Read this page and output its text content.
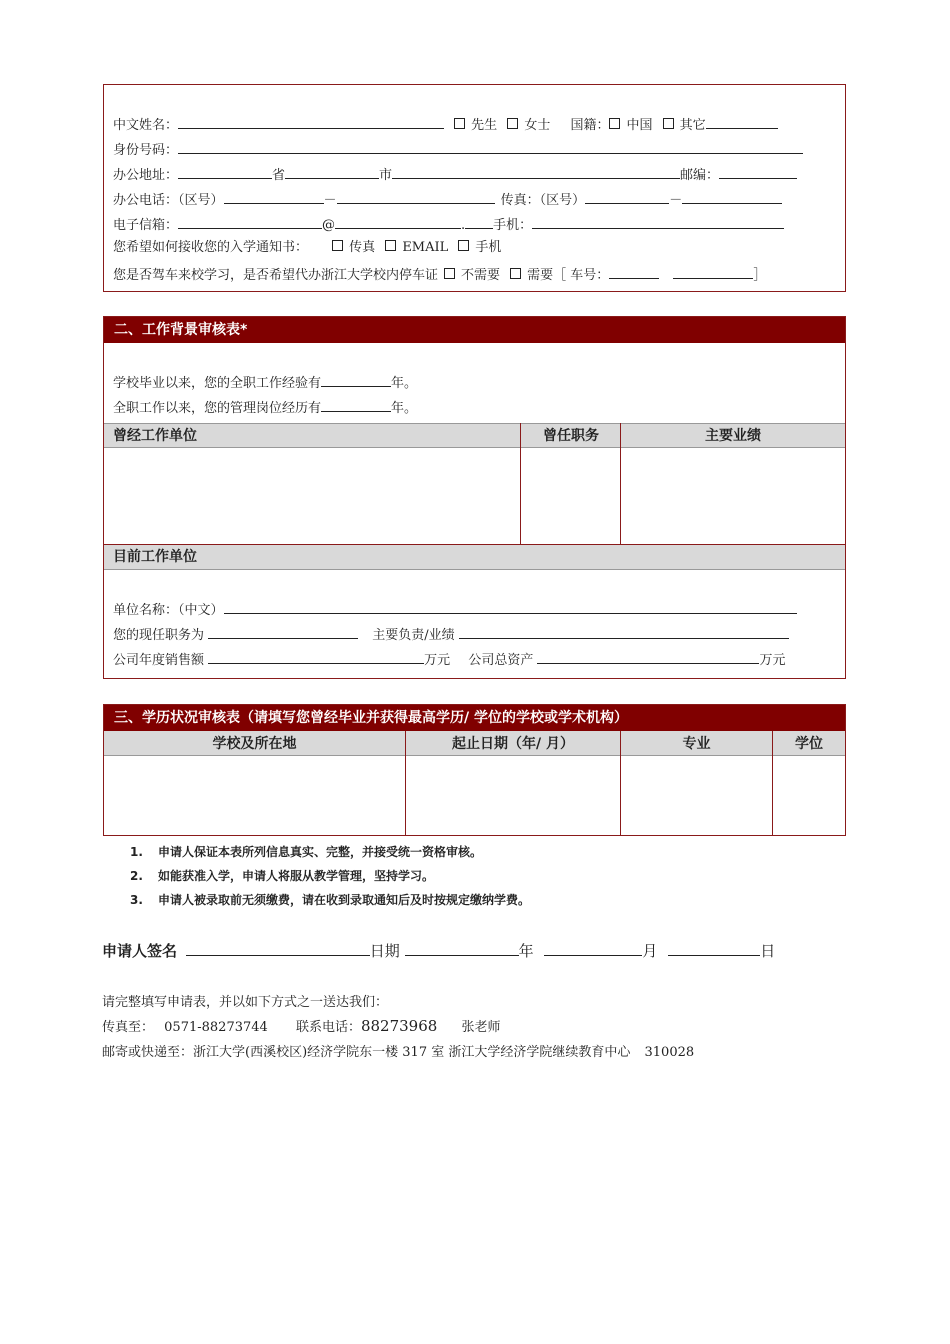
中文姓名：	先生 女士 国籍： 中国 其它
身份号码：
办公地址：	省	市	邮编：
办公电话：（区号）	－	传真：（区号）	－
电子信箱：	@	. 手机：
您希望如何接收您的入学通知书：	传真 EMAIL 手机
您是否驾车来校学习，是否希望代办浙江大学校内停车证 不需要 需要［ 车号：	］
二、工作背景审核表*
学校毕业以来，您的全职工作经验有	年。
全职工作以来，您的管理岗位经历有	年。
曾经工作单位	曾任职务	主要业绩
目前工作单位
单位名称：（中文）
您的现任职务为	主要负责/业绩
公司年度销售额	万元 公司总资产	万元
三、学历状况审核表（请填写您曾经毕业并获得最高学历/ 学位的学校或学术机构）
学校及所在地	起止日期（年/ 月）	专业	学位
1. 申请人保证本表所列信息真实、完整，并接受统一资格审核。
2. 如能获准入学，申请人将服从教学管理，坚持学习。
3. 申请人被录取前无须缴费，请在收到录取通知后及时按规定缴纳学费。
申请人签名	日期	年	月	日
请完整填写申请表，并以如下方式之一送达我们：
传真至： 0571-88273744 联系电话：88273968 张老师
邮寄或快递至：浙江大学(西溪校区)经济学院东一楼 317 室 浙江大学经济学院继续教育中心 310028
